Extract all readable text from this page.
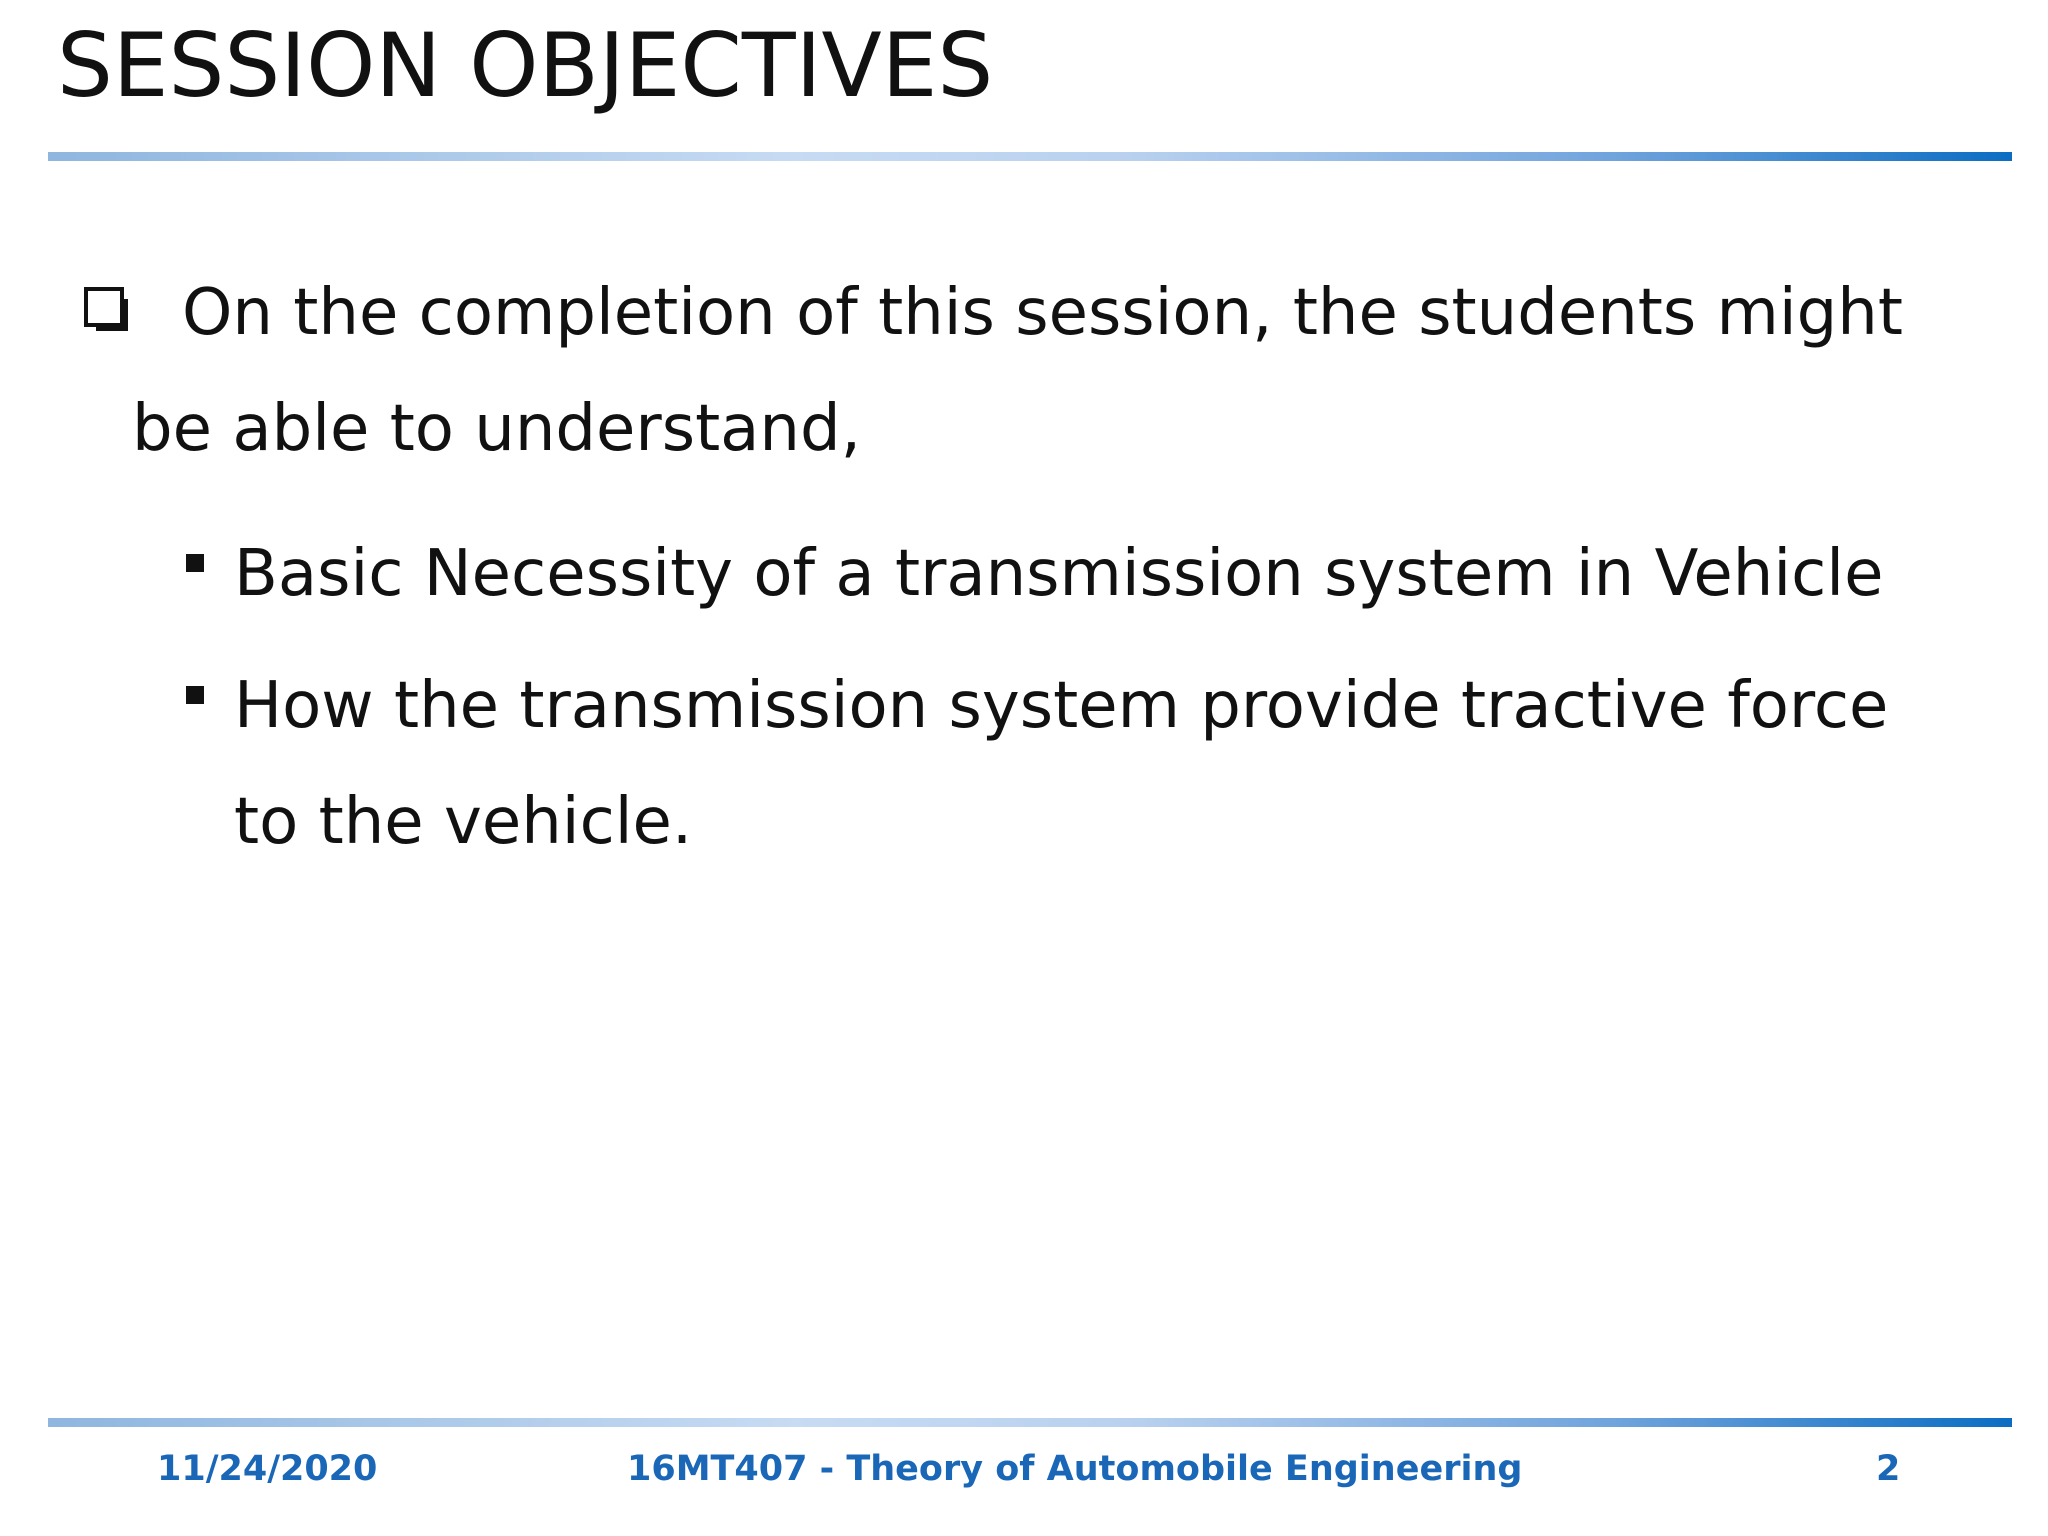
SESSION OBJECTIVES
On the completion of this session, the students might
be able to understand,
Basic Necessity of a transmission system in Vehicle
How the transmission system provide tractive force to the vehicle.
11/24/2020	16MT407 - Theory of Automobile Engineering	2
